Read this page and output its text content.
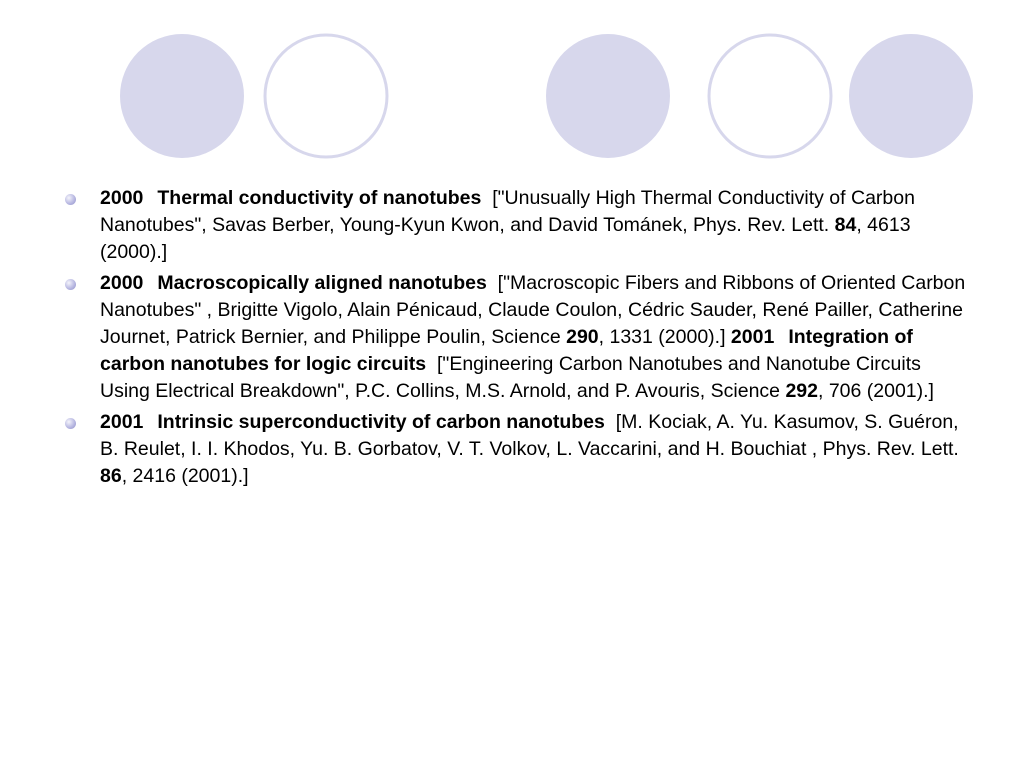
2000 Thermal conductivity of nanotubes ["Unusually High Thermal Conductivity of Carbon Nanotubes", Savas Berber, Young-Kyun Kwon, and David Tománek, Phys. Rev. Lett. 84, 4613 (2000).]
2000 Macroscopically aligned nanotubes ["Macroscopic Fibers and Ribbons of Oriented Carbon Nanotubes" , Brigitte Vigolo, Alain Pénicaud, Claude Coulon, Cédric Sauder, René Pailler, Catherine Journet, Patrick Bernier, and Philippe Poulin, Science 290, 1331 (2000).] 2001 Integration of carbon nanotubes for logic circuits ["Engineering Carbon Nanotubes and Nanotube Circuits Using Electrical Breakdown", P.C. Collins, M.S. Arnold, and P. Avouris, Science 292, 706 (2001).]
2001 Intrinsic superconductivity of carbon nanotubes [M. Kociak, A. Yu. Kasumov, S. Guéron, B. Reulet, I. I. Khodos, Yu. B. Gorbatov, V. T. Volkov, L. Vaccarini, and H. Bouchiat , Phys. Rev. Lett. 86, 2416 (2001).]
